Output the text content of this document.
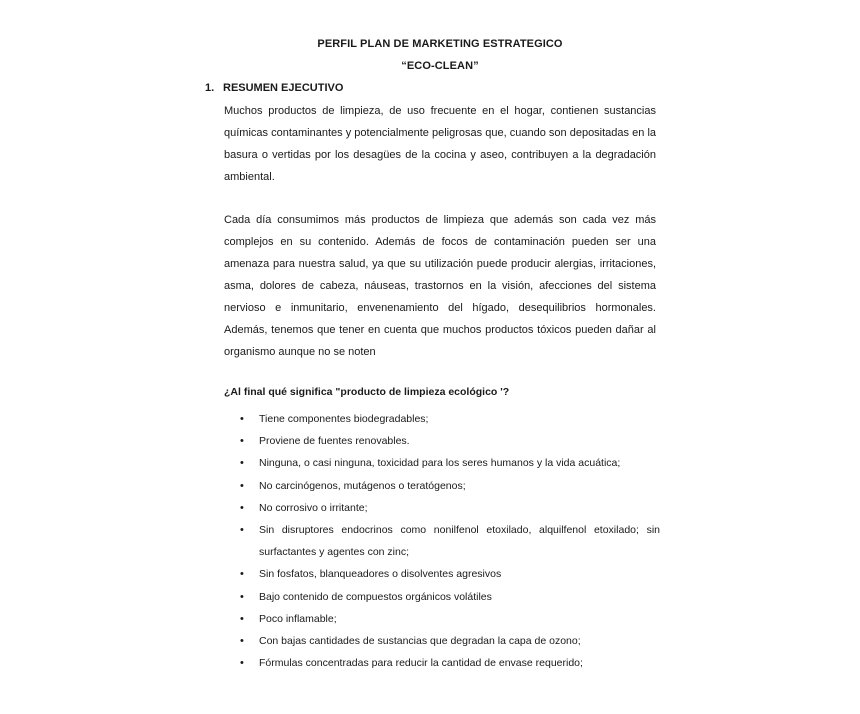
PERFIL PLAN DE MARKETING ESTRATEGICO
“ECO-CLEAN”
1. RESUMEN EJECUTIVO
Muchos productos de limpieza, de uso frecuente en el hogar, contienen sustancias químicas contaminantes y potencialmente peligrosas que, cuando son depositadas en la basura o vertidas por los desagües de la cocina y aseo, contribuyen a la degradación ambiental.
Cada día consumimos más productos de limpieza que además son cada vez más complejos en su contenido. Además de focos de contaminación pueden ser una amenaza para nuestra salud, ya que su utilización puede producir alergias, irritaciones, asma, dolores de cabeza, náuseas, trastornos en la visión, afecciones del sistema nervioso e inmunitario, envenenamiento del hígado, desequilibrios hormonales. Además, tenemos que tener en cuenta que muchos productos tóxicos pueden dañar al organismo aunque no se noten
¿Al final qué significa "producto de limpieza ecológico '?
• Tiene componentes biodegradables;
• Proviene de fuentes renovables.
• Ninguna, o casi ninguna, toxicidad para los seres humanos y la vida acuática;
• No carcinógenos, mutágenos o teratógenos;
• No corrosivo o irritante;
• Sin disruptores endocrinos como nonilfenol etoxilado, alquilfenol etoxilado; sin surfactantes y agentes con zinc;
• Sin fosfatos, blanqueadores o disolventes agresivos
• Bajo contenido de compuestos orgánicos volátiles
• Poco inflamable;
• Con bajas cantidades de sustancias que degradan la capa de ozono;
• Fórmulas concentradas para reducir la cantidad de envase requerido;
